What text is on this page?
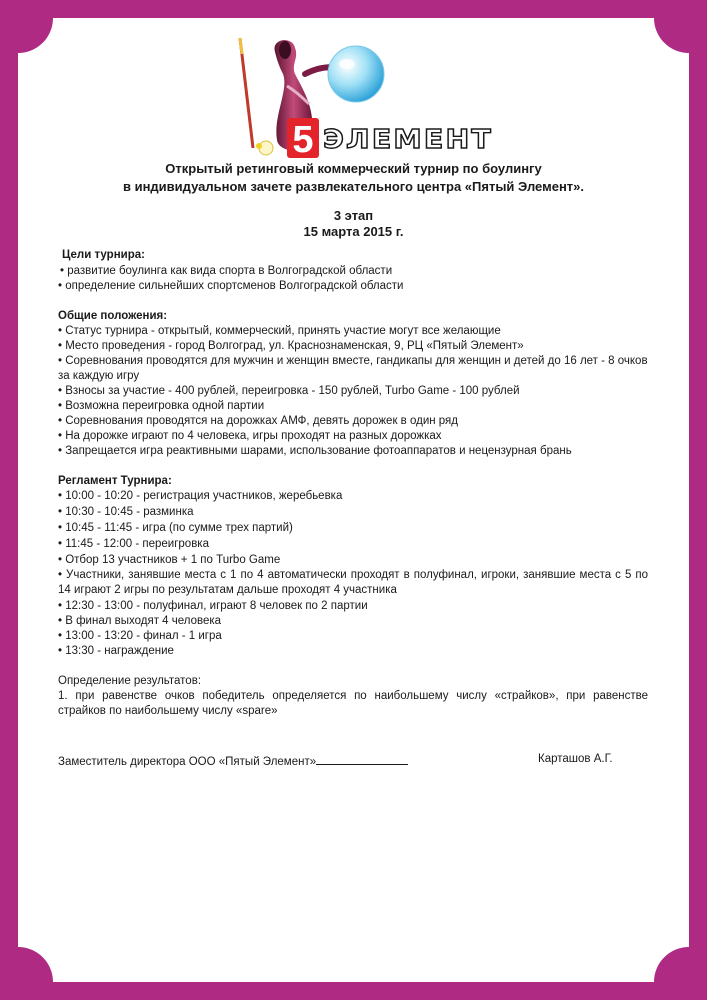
5 ЭЛЕМЕНТ
Открытый ретинговый коммерческий турнир по боулингу
в индивидуальном зачете развлекательного центра «Пятый Элемент».
3 этап
15 марта 2015 г.
Цели турнира:
• развитие боулинга как вида спорта в Волгоградской области
• определение сильнейших спортсменов Волгоградской области
Общие положения:
• Статус турнира - открытый, коммерческий, принять участие могут все желающие
• Место проведения - город Волгоград, ул. Краснознаменская, 9, РЦ «Пятый Элемент»
• Соревнования проводятся для мужчин и женщин вместе, гандикапы для женщин и детей до 16 лет - 8 очков за каждую игру
• Взносы за участие - 400 рублей, переигровка - 150 рублей, Turbo Game - 100 рублей
• Возможна переигровка одной партии
• Соревнования проводятся на дорожках АМФ, девять дорожек в один ряд
• На дорожке играют по 4 человека, игры проходят на разных дорожках
• Запрещается игра реактивными шарами, использование фотоаппаратов и нецензурная брань
Регламент Турнира:
• 10:00 - 10:20 - регистрация участников, жеребьевка
• 10:30 - 10:45 - разминка
• 10:45 - 11:45 - игра (по сумме трех партий)
• 11:45 - 12:00 - переигровка
• Отбор 13 участников + 1 по Turbo Game
• Участники, занявшие места с 1 по 4 автоматически проходят в полуфинал, игроки, занявшие места с 5 по 14 играют 2 игры по результатам дальше проходят 4 участника
• 12:30 - 13:00 - полуфинал, играют 8 человек по 2 партии
• В финал выходят 4 человека
• 13:00 - 13:20 - финал - 1 игра
• 13:30 - награждение
Определение результатов:
1. при равенстве очков победитель определяется по наибольшему числу «страйков», при равенстве страйков по наибольшему числу «spare»
Заместитель директора ООО «Пятый Элемент»	Карташов А.Г.
